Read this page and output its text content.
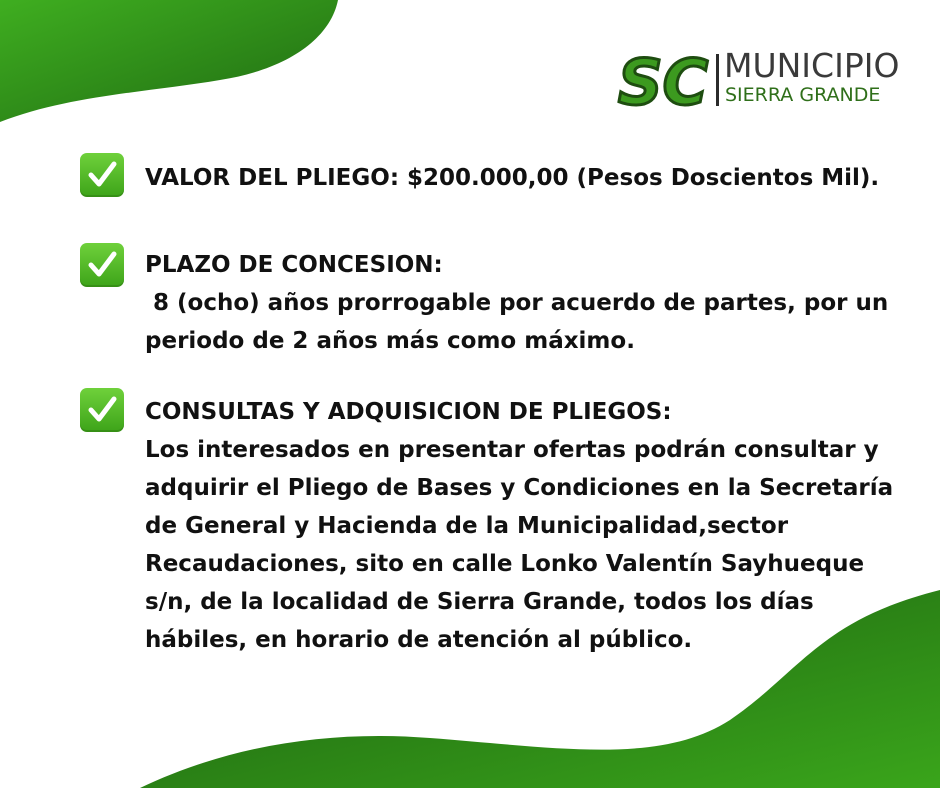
SC MUNICIPIO
SIERRA GRANDE
VALOR DEL PLIEGO: $200.000,00 (Pesos Doscientos Mil).
PLAZO DE CONCESION:
8 (ocho) años prorrogable por acuerdo de partes, por un
periodo de 2 años más como máximo.
CONSULTAS Y ADQUISICION DE PLIEGOS:
Los interesados en presentar ofertas podrán consultar y
adquirir el Pliego de Bases y Condiciones en la Secretaría
de General y Hacienda de la Municipalidad,sector
Recaudaciones, sito en calle Lonko Valentín Sayhueque
s/n, de la localidad de Sierra Grande, todos los días
hábiles, en horario de atención al público.
